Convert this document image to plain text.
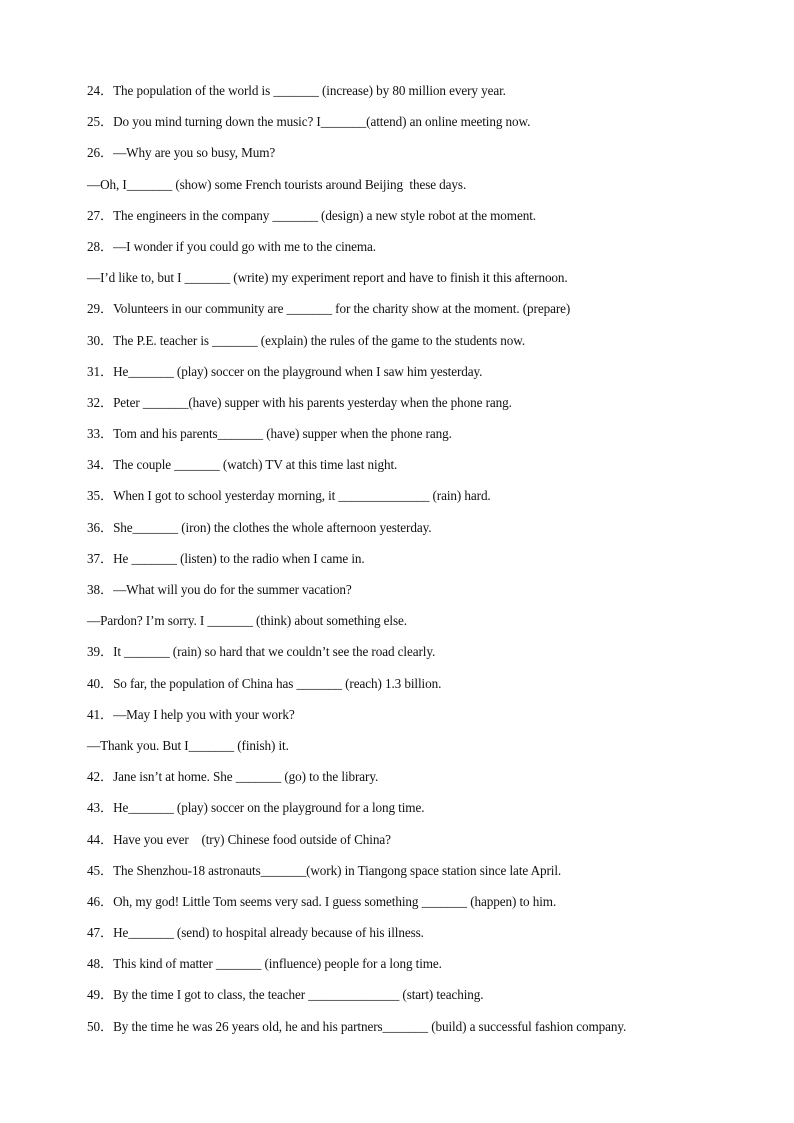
24．The population of the world is _______ (increase) by 80 million every year.
25．Do you mind turning down the music? I_______(attend) an online meeting now.
26．—Why are you so busy, Mum?
—Oh, I_______ (show) some French tourists around Beijing  these days.
27．The engineers in the company _______ (design) a new style robot at the moment.
28．—I wonder if you could go with me to the cinema.
—I’d like to, but I _______ (write) my experiment report and have to finish it this afternoon.
29．Volunteers in our community are _______ for the charity show at the moment. (prepare)
30．The P.E. teacher is _______ (explain) the rules of the game to the students now.
31．He_______ (play) soccer on the playground when I saw him yesterday.
32．Peter _______(have) supper with his parents yesterday when the phone rang.
33．Tom and his parents_______ (have) supper when the phone rang.
34．The couple _______ (watch) TV at this time last night.
35．When I got to school yesterday morning, it ______________ (rain) hard.
36．She_______ (iron) the clothes the whole afternoon yesterday.
37．He _______ (listen) to the radio when I came in.
38．—What will you do for the summer vacation?
—Pardon? I’m sorry. I _______ (think) about something else.
39．It _______ (rain) so hard that we couldn’t see the road clearly.
40．So far, the population of China has _______ (reach) 1.3 billion.
41．—May I help you with your work?
—Thank you. But I_______ (finish) it.
42．Jane isn’t at home. She _______ (go) to the library.
43．He_______ (play) soccer on the playground for a long time.
44．Have you ever    (try) Chinese food outside of China?
45．The Shenzhou-18 astronauts_______(work) in Tiangong space station since late April.
46．Oh, my god! Little Tom seems very sad. I guess something _______ (happen) to him.
47．He_______ (send) to hospital already because of his illness.
48．This kind of matter _______ (influence) people for a long time.
49．By the time I got to class, the teacher ______________ (start) teaching.
50．By the time he was 26 years old, he and his partners_______ (build) a successful fashion company.
